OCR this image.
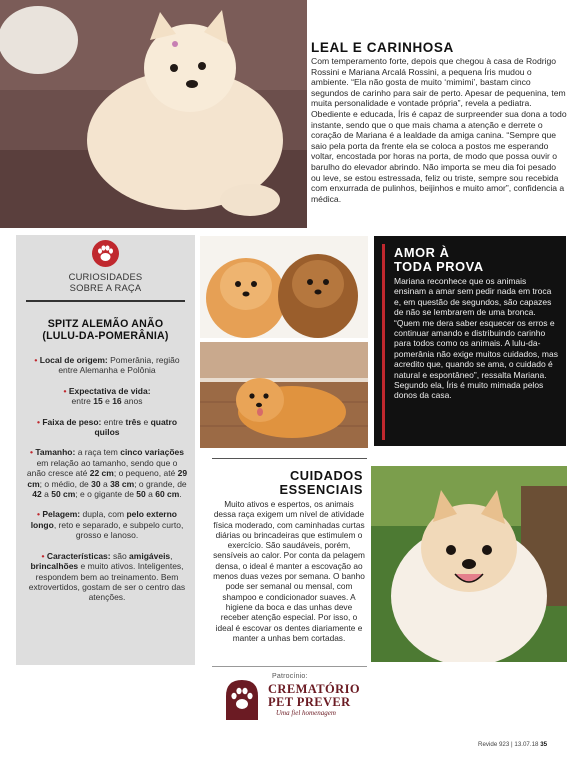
LEAL E CARINHOSA

Com temperamento forte, depois que chegou à casa de Rodrigo Rossini e Mariana Arcalá Rossini, a pequena Íris mudou o ambiente. “Ela não gosta de muito ‘mimimi’, bastam cinco segundos de carinho para sair de perto. Apesar de pequenina, tem muita personalidade e vontade própria”, revela a pediatra. Obediente e educada, Íris é capaz de surpreender sua dona a todo instante, sendo que o que mais chama a atenção e derrete o coração de Mariana é a lealdade da amiga canina. “Sempre que saio pela porta da frente ela se coloca a postos me esperando voltar, encostada por horas na porta, de modo que possa ouvir o barulho do elevador abrindo. Não importa se meu dia foi pesado ou leve, se estou estressada, feliz ou triste, sempre sou recebida com enxurrada de pulinhos, beijinhos e muito amor”, confidencia a médica.

CURIOSIDADES
SOBRE A RAÇA
SPITZ ALEMÃO ANÃO
(LULU-DA-POMERÂNIA)

• Local de origem: Pomerânia, região entre Alemanha e Polônia

• Expectativa de vida:
entre 15 e 16 anos

• Faixa de peso: entre três e quatro quilos

• Tamanho: a raça tem cinco variações em relação ao tamanho, sendo que o anão cresce até 22 cm; o pequeno, até 29 cm; o médio, de 30 a 38 cm; o grande, de 42 a 50 cm; e o gigante de 50 a 60 cm.

• Pelagem: dupla, com pelo externo longo, reto e separado, e subpelo curto, grosso e lanoso.

• Características: são amigáveis, brincalhões e muito ativos. Inteligentes, respondem bem ao treinamento. Bem extrovertidos, gostam de ser o centro das atenções.

AMOR À
TODA PROVA

Mariana reconhece que os animais ensinam a amar sem pedir nada em troca e, em questão de segundos, são capazes de não se lembrarem de uma bronca. “Quem me dera saber esquecer os erros e continuar amando e distribuindo carinho para todos como os animais. A lulu-da-pomerânia não exige muitos cuidados, mas acredito que, quando se ama, o cuidado é natural e espontâneo”, ressalta Mariana. Segundo ela, Íris é muito mimada pelos donos da casa.

CUIDADOS
ESSENCIAIS

Muito ativos e espertos, os animais dessa raça exigem um nível de atividade física moderado, com caminhadas curtas diárias ou brincadeiras que estimulem o exercício. São saudáveis, porém, sensíveis ao calor. Por conta da pelagem densa, o ideal é manter a escovação ao menos duas vezes por semana. O banho pode ser semanal ou mensal, com shampoo e condicionador suaves. A higiene da boca e das unhas deve receber atenção especial. Por isso, o ideal é escovar os dentes diariamente e manter a unhas bem cortadas.

Patrocínio:
CREMATÓRIO
PET PREVER
Uma fiel homenagem
Revide 923 | 13.07.18 35
